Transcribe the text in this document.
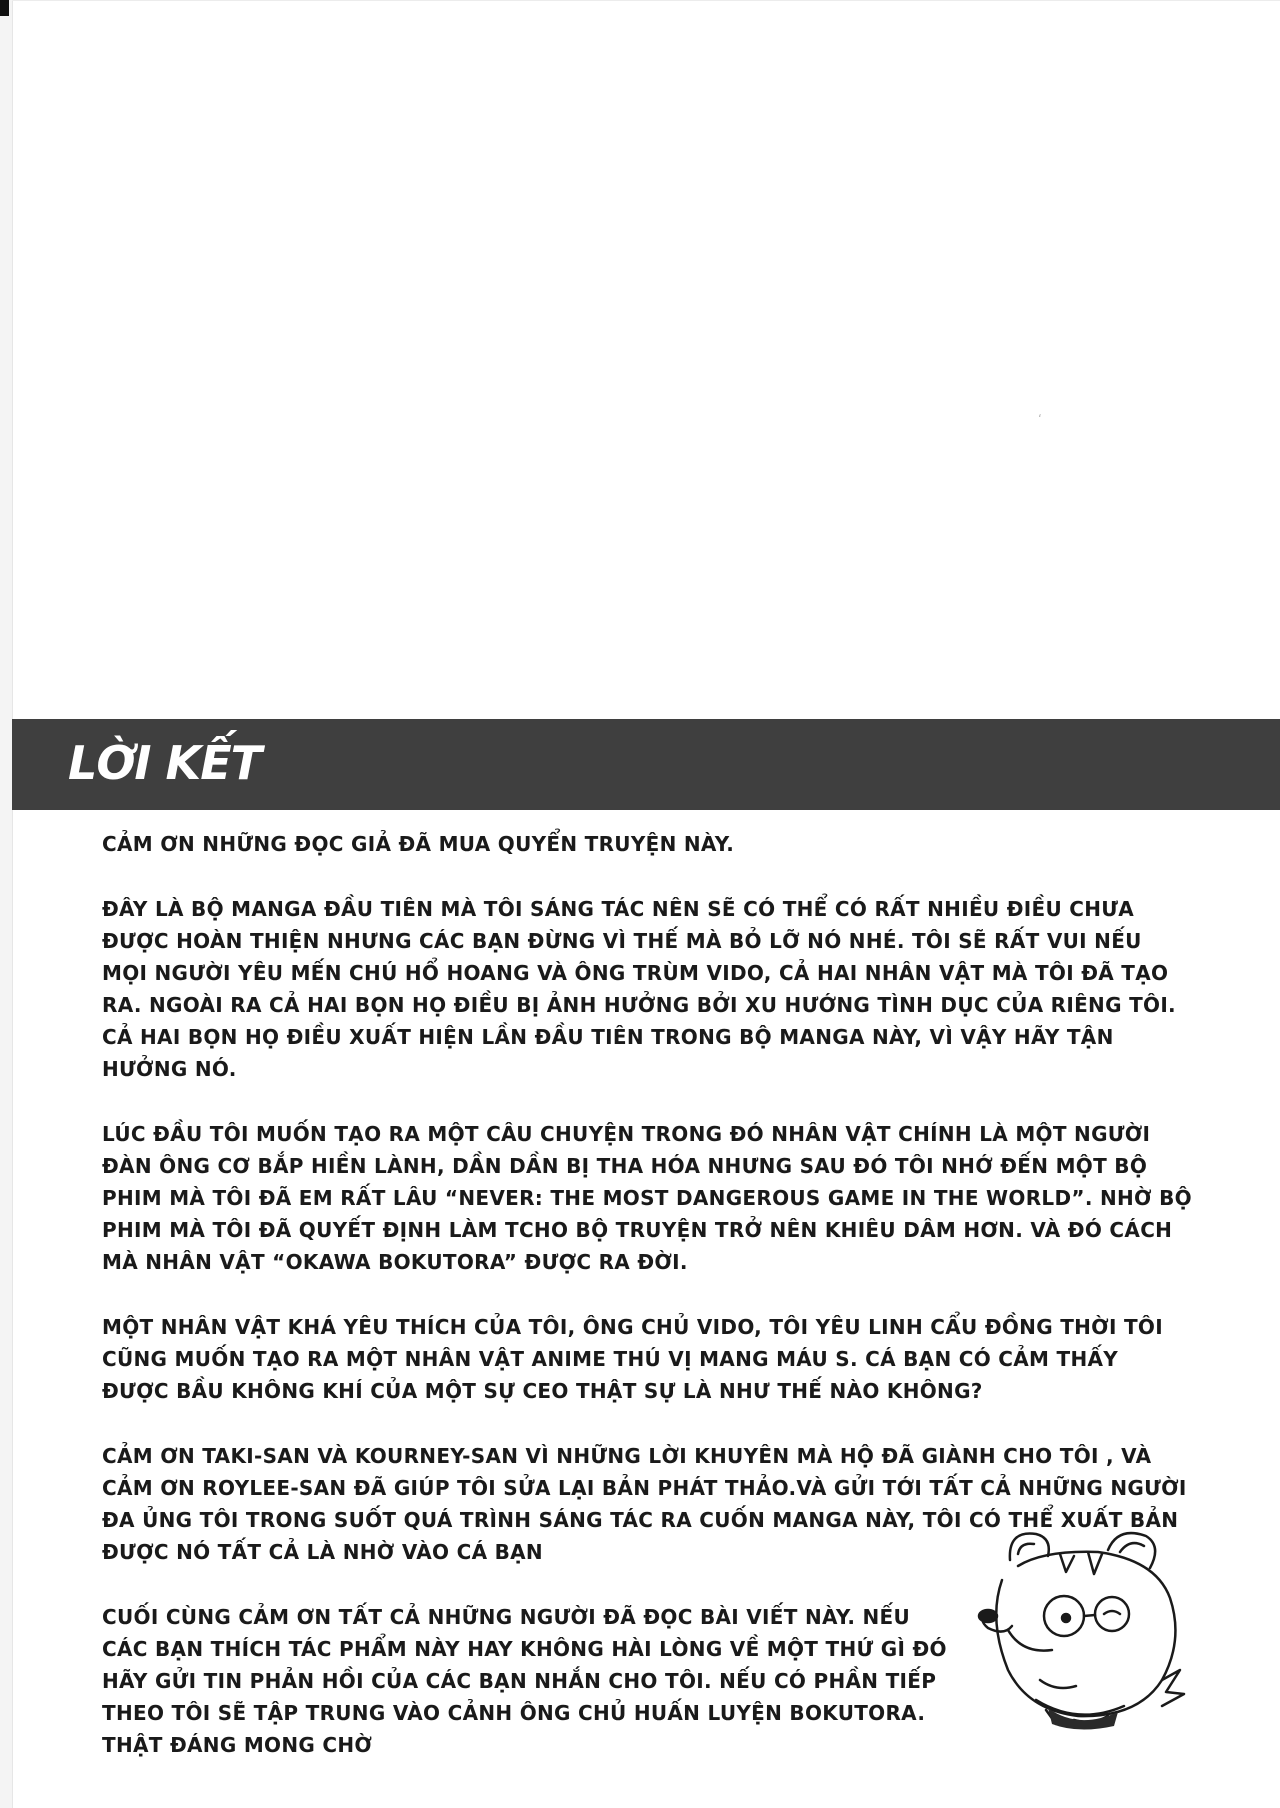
ʻ
LỜI KẾT

CẢM ƠN NHỮNG ĐỌC GIẢ ĐÃ MUA QUYỂN TRUYỆN NÀY.

ĐÂY LÀ BỘ MANGA ĐẦU TIÊN MÀ TÔI SÁNG TÁC NÊN SẼ CÓ THỂ CÓ RẤT NHIỀU ĐIỀU CHƯA ĐƯỢC HOÀN THIỆN NHƯNG CÁC BẠN ĐỪNG VÌ THẾ MÀ BỎ LỠ NÓ NHÉ. TÔI SẼ RẤT VUI NẾU MỌI NGƯỜI YÊU MẾN CHÚ HỔ HOANG VÀ ÔNG TRÙM VIDO, CẢ HAI NHÂN VẬT MÀ TÔI ĐÃ TẠO RA. NGOÀI RA CẢ HAI BỌN HỌ ĐIỀU BỊ ẢNH HƯỞNG BỞI XU HƯỚNG TÌNH DỤC CỦA RIÊNG TÔI. CẢ HAI BỌN HỌ ĐIỀU XUẤT HIỆN LẦN ĐẦU TIÊN TRONG BỘ MANGA NÀY, VÌ VẬY HÃY TẬN HƯỞNG NÓ.

LÚC ĐẦU TÔI MUỐN TẠO RA MỘT CÂU CHUYỆN TRONG ĐÓ NHÂN VẬT CHÍNH LÀ MỘT NGƯỜI ĐÀN ÔNG CƠ BẮP HIỀN LÀNH, DẦN DẦN BỊ THA HÓA NHƯNG SAU ĐÓ TÔI NHỚ ĐẾN MỘT BỘ PHIM MÀ TÔI ĐÃ EM RẤT LÂU “NEVER: THE MOST DANGEROUS GAME IN THE WORLD”. NHỜ BỘ PHIM MÀ TÔI ĐÃ QUYẾT ĐỊNH LÀM TCHO BỘ TRUYỆN TRỞ NÊN KHIÊU DÂM HƠN. VÀ ĐÓ CÁCH MÀ NHÂN VẬT “OKAWA BOKUTORA” ĐƯỢC RA ĐỜI.

MỘT NHÂN VẬT KHÁ YÊU THÍCH CỦA TÔI, ÔNG CHỦ VIDO, TÔI YÊU LINH CẨU ĐỒNG THỜI TÔI CŨNG MUỐN TẠO RA MỘT NHÂN VẬT ANIME THÚ VỊ MANG MÁU S. CÁ BẠN CÓ CẢM THẤY ĐƯỢC BẦU KHÔNG KHÍ CỦA MỘT SỰ CEO THẬT SỰ LÀ NHƯ THẾ NÀO KHÔNG?

CẢM ƠN TAKI-SAN VÀ KOURNEY-SAN VÌ NHỮNG LỜI KHUYÊN MÀ HỘ ĐÃ GIÀNH CHO TÔI , VÀ CẢM ƠN ROYLEE-SAN ĐÃ GIÚP TÔI SỬA LẠI BẢN PHÁT THẢO.VÀ GỬI TỚI TẤT CẢ NHỮNG NGƯỜI ĐA ỦNG TÔI TRONG SUỐT QUÁ TRÌNH SÁNG TÁC RA CUỐN MANGA NÀY, TÔI CÓ THỂ XUẤT BẢN ĐƯỢC NÓ TẤT CẢ LÀ NHỜ VÀO CÁ BẠN

CUỐI CÙNG CẢM ƠN TẤT CẢ NHỮNG NGƯỜI ĐÃ ĐỌC BÀI VIẾT NÀY. NẾU CÁC BẠN THÍCH TÁC PHẨM NÀY HAY KHÔNG HÀI LÒNG VỀ MỘT THỨ GÌ ĐÓ HÃY GỬI TIN PHẢN HỒI CỦA CÁC BẠN NHẮN CHO TÔI. NẾU CÓ PHẦN TIẾP THEO TÔI SẼ TẬP TRUNG VÀO CẢNH ÔNG CHỦ HUẤN LUYỆN BOKUTORA. THẬT ĐÁNG MONG CHỜ
